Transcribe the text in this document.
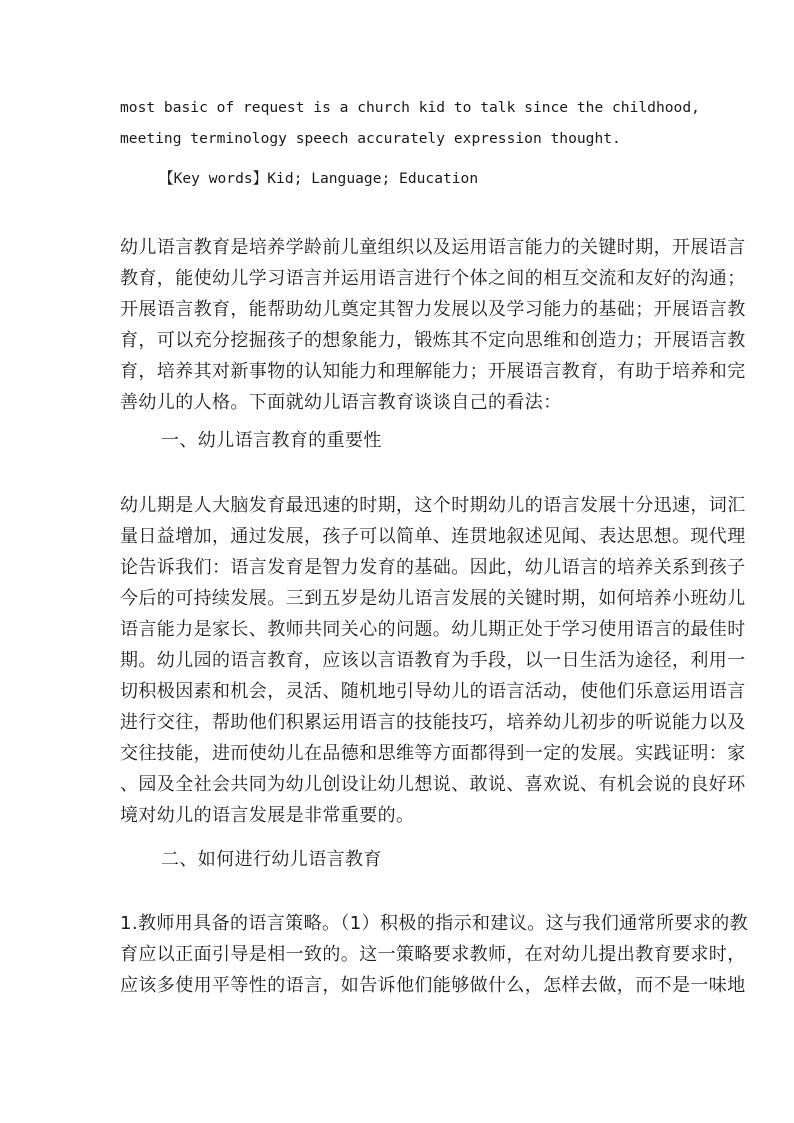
most basic of request is a church kid to talk since the childhood,
meeting terminology speech accurately expression thought.
【Key words】Kid; Language; Education
幼儿语言教育是培养学龄前儿童组织以及运用语言能力的关键时期，开展语言
教育，能使幼儿学习语言并运用语言进行个体之间的相互交流和友好的沟通；
开展语言教育，能帮助幼儿奠定其智力发展以及学习能力的基础；开展语言教
育，可以充分挖掘孩子的想象能力，锻炼其不定向思维和创造力；开展语言教
育，培养其对新事物的认知能力和理解能力；开展语言教育，有助于培养和完
善幼儿的人格。下面就幼儿语言教育谈谈自己的看法：
一、幼儿语言教育的重要性
幼儿期是人大脑发育最迅速的时期，这个时期幼儿的语言发展十分迅速，词汇
量日益增加，通过发展，孩子可以简单、连贯地叙述见闻、表达思想。现代理
论告诉我们：语言发育是智力发育的基础。因此，幼儿语言的培养关系到孩子
今后的可持续发展。三到五岁是幼儿语言发展的关键时期，如何培养小班幼儿
语言能力是家长、教师共同关心的问题。幼儿期正处于学习使用语言的最佳时
期。幼儿园的语言教育，应该以言语教育为手段，以一日生活为途径，利用一
切积极因素和机会，灵活、随机地引导幼儿的语言活动，使他们乐意运用语言
进行交往，帮助他们积累运用语言的技能技巧，培养幼儿初步的听说能力以及
交往技能，进而使幼儿在品德和思维等方面都得到一定的发展。实践证明：家
、园及全社会共同为幼儿创设让幼儿想说、敢说、喜欢说、有机会说的良好环
境对幼儿的语言发展是非常重要的。
二、如何进行幼儿语言教育
1.教师用具备的语言策略。（1）积极的指示和建议。这与我们通常所要求的教
育应以正面引导是相一致的。这一策略要求教师，在对幼儿提出教育要求时，
应该多使用平等性的语言，如告诉他们能够做什么，怎样去做，而不是一味地
